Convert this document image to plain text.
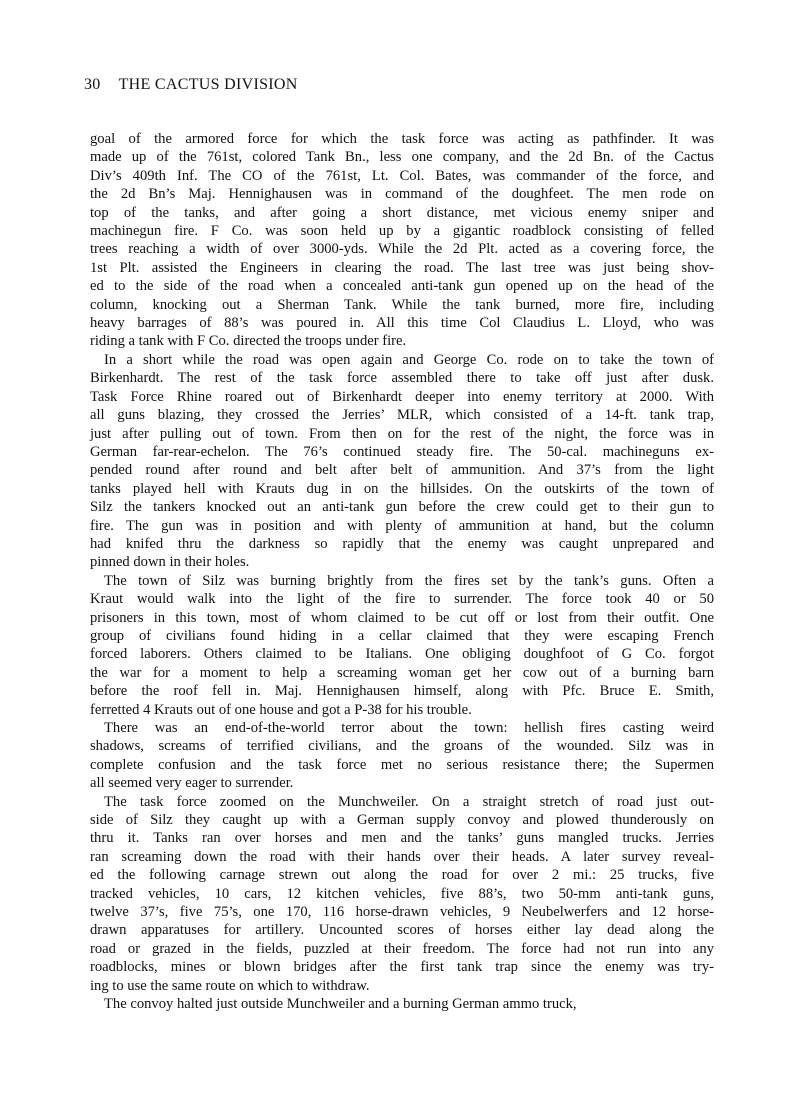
30 THE CACTUS DIVISION
goal of the armored force for which the task force was acting as pathfinder. It was
made up of the 761st, colored Tank Bn., less one company, and the 2d Bn. of the Cactus
Div’s 409th Inf. The CO of the 761st, Lt. Col. Bates, was commander of the force, and
the 2d Bn’s Maj. Hennighausen was in command of the doughfeet. The men rode on
top of the tanks, and after going a short distance, met vicious enemy sniper and
machinegun fire. F Co. was soon held up by a gigantic roadblock consisting of felled
trees reaching a width of over 3000-yds. While the 2d Plt. acted as a covering force, the
1st Plt. assisted the Engineers in clearing the road. The last tree was just being shov-
ed to the side of the road when a concealed anti-tank gun opened up on the head of the
column, knocking out a Sherman Tank. While the tank burned, more fire, including
heavy barrages of 88’s was poured in. All this time Col Claudius L. Lloyd, who was
riding a tank with F Co. directed the troops under fire.
In a short while the road was open again and George Co. rode on to take the town of
Birkenhardt. The rest of the task force assembled there to take off just after dusk.
Task Force Rhine roared out of Birkenhardt deeper into enemy territory at 2000. With
all guns blazing, they crossed the Jerries’ MLR, which consisted of a 14-ft. tank trap,
just after pulling out of town. From then on for the rest of the night, the force was in
German far-rear-echelon. The 76’s continued steady fire. The 50-cal. machineguns ex-
pended round after round and belt after belt of ammunition. And 37’s from the light
tanks played hell with Krauts dug in on the hillsides. On the outskirts of the town of
Silz the tankers knocked out an anti-tank gun before the crew could get to their gun to
fire. The gun was in position and with plenty of ammunition at hand, but the column
had knifed thru the darkness so rapidly that the enemy was caught unprepared and
pinned down in their holes.
The town of Silz was burning brightly from the fires set by the tank’s guns. Often a
Kraut would walk into the light of the fire to surrender. The force took 40 or 50
prisoners in this town, most of whom claimed to be cut off or lost from their outfit. One
group of civilians found hiding in a cellar claimed that they were escaping French
forced laborers. Others claimed to be Italians. One obliging doughfoot of G Co. forgot
the war for a moment to help a screaming woman get her cow out of a burning barn
before the roof fell in. Maj. Hennighausen himself, along with Pfc. Bruce E. Smith,
ferretted 4 Krauts out of one house and got a P-38 for his trouble.
There was an end-of-the-world terror about the town: hellish fires casting weird
shadows, screams of terrified civilians, and the groans of the wounded. Silz was in
complete confusion and the task force met no serious resistance there; the Supermen
all seemed very eager to surrender.
The task force zoomed on the Munchweiler. On a straight stretch of road just out-
side of Silz they caught up with a German supply convoy and plowed thunderously on
thru it. Tanks ran over horses and men and the tanks’ guns mangled trucks. Jerries
ran screaming down the road with their hands over their heads. A later survey reveal-
ed the following carnage strewn out along the road for over 2 mi.: 25 trucks, five
tracked vehicles, 10 cars, 12 kitchen vehicles, five 88’s, two 50-mm anti-tank guns,
twelve 37’s, five 75’s, one 170, 116 horse-drawn vehicles, 9 Neubelwerfers and 12 horse-
drawn apparatuses for artillery. Uncounted scores of horses either lay dead along the
road or grazed in the fields, puzzled at their freedom. The force had not run into any
roadblocks, mines or blown bridges after the first tank trap since the enemy was try-
ing to use the same route on which to withdraw.
The convoy halted just outside Munchweiler and a burning German ammo truck,
